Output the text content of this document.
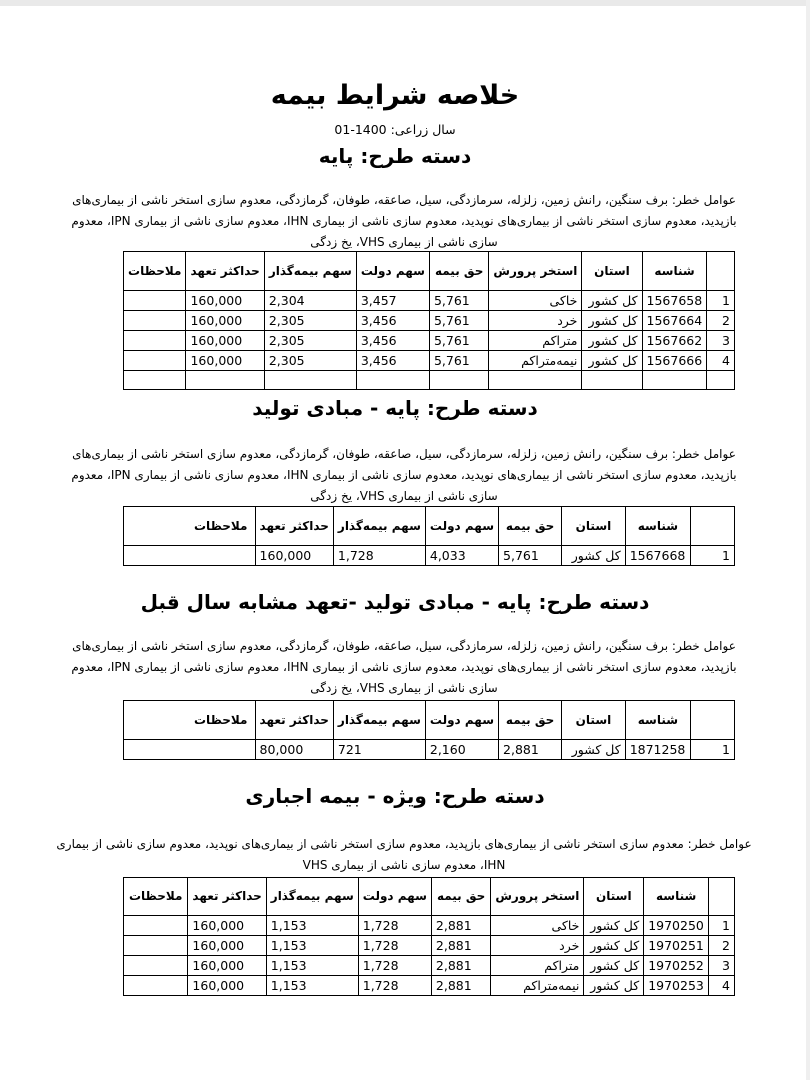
خلاصه شرایط بیمه
سال زراعی: 1400-01
دسته طرح: پایه
عوامل خطر: برف سنگین، رانش زمین، زلزله، سرمازدگی، سیل، صاعقه، طوفان، گرمازدگی، معدوم سازی استخر ناشی از بیماری‌های بازپدید، معدوم سازی استخر ناشی از بیماری‌های نوپدید، معدوم سازی ناشی از بیماری IHN، معدوم سازی ناشی از بیماری IPN، معدوم سازی ناشی از بیماری VHS، یخ زدگی
	شناسه	استان	استخر پرورش	حق بیمه	سهم دولت	سهم بیمه‌گذار	حداکثر تعهد	ملاحظات
1	1567658	کل کشور	خاکی	5,761	3,457	2,304	160,000	
2	1567664	کل کشور	خرد	5,761	3,456	2,305	160,000	
3	1567662	کل کشور	متراکم	5,761	3,456	2,305	160,000	
4	1567666	کل کشور	نیمه‌متراکم	5,761	3,456	2,305	160,000	

دسته طرح: پایه - مبادی تولید
عوامل خطر: برف سنگین، رانش زمین، زلزله، سرمازدگی، سیل، صاعقه، طوفان، گرمازدگی، معدوم سازی استخر ناشی از بیماری‌های بازپدید، معدوم سازی استخر ناشی از بیماری‌های نوپدید، معدوم سازی ناشی از بیماری IHN، معدوم سازی ناشی از بیماری IPN، معدوم سازی ناشی از بیماری VHS، یخ زدگی
	شناسه	استان	حق بیمه	سهم دولت	سهم بیمه‌گذار	حداکثر تعهد	ملاحظات
1	1567668	کل کشور	5,761	4,033	1,728	160,000	
دسته طرح: پایه - مبادی تولید -تعهد مشابه سال قبل
عوامل خطر: برف سنگین، رانش زمین، زلزله، سرمازدگی، سیل، صاعقه، طوفان، گرمازدگی، معدوم سازی استخر ناشی از بیماری‌های بازپدید، معدوم سازی استخر ناشی از بیماری‌های نوپدید، معدوم سازی ناشی از بیماری IHN، معدوم سازی ناشی از بیماری IPN، معدوم سازی ناشی از بیماری VHS، یخ زدگی
	شناسه	استان	حق بیمه	سهم دولت	سهم بیمه‌گذار	حداکثر تعهد	ملاحظات
1	1871258	کل کشور	2,881	2,160	721	80,000	
دسته طرح: ویژه - بیمه اجباری
عوامل خطر: معدوم سازی استخر ناشی از بیماری‌های بازپدید، معدوم سازی استخر ناشی از بیماری‌های نوپدید، معدوم سازی ناشی از بیماری IHN، معدوم سازی ناشی از بیماری VHS
	شناسه	استان	استخر پرورش	حق بیمه	سهم دولت	سهم بیمه‌گذار	حداکثر تعهد	ملاحظات
1	1970250	کل کشور	خاکی	2,881	1,728	1,153	160,000	
2	1970251	کل کشور	خرد	2,881	1,728	1,153	160,000	
3	1970252	کل کشور	متراکم	2,881	1,728	1,153	160,000	
4	1970253	کل کشور	نیمه‌متراکم	2,881	1,728	1,153	160,000	
